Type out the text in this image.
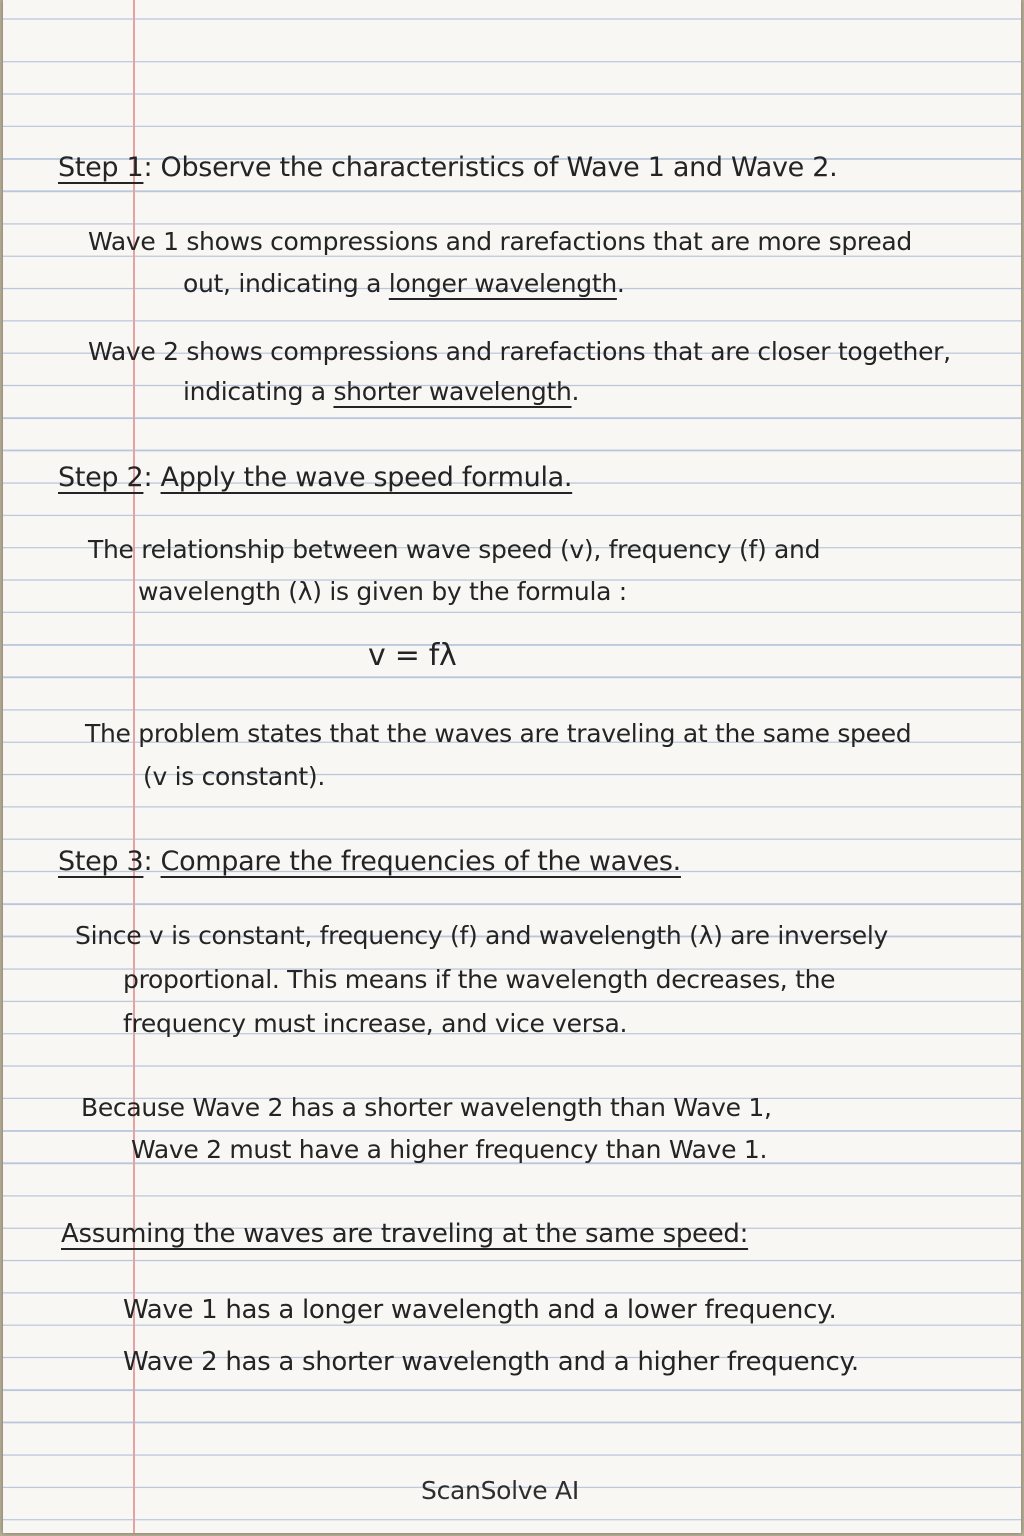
Step 1: Observe the characteristics of Wave 1 and Wave 2.

Wave 1 shows compressions and rarefactions that are more spread

out, indicating a longer wavelength.

Wave 2 shows compressions and rarefactions that are closer together,

indicating a shorter wavelength.

Step 2: Apply the wave speed formula.

The relationship between wave speed (v), frequency (f) and

wavelength (λ) is given by the formula :

v = fλ

The problem states that the waves are traveling at the same speed

(v is constant).

Step 3: Compare the frequencies of the waves.

Since v is constant, frequency (f) and wavelength (λ) are inversely

proportional. This means if the wavelength decreases, the

frequency must increase, and vice versa.

Because Wave 2 has a shorter wavelength than Wave 1,

Wave 2 must have a higher frequency than Wave 1.

Assuming the waves are traveling at the same speed:

Wave 1 has a longer wavelength and a lower frequency.

Wave 2 has a shorter wavelength and a higher frequency.

ScanSolve AI
